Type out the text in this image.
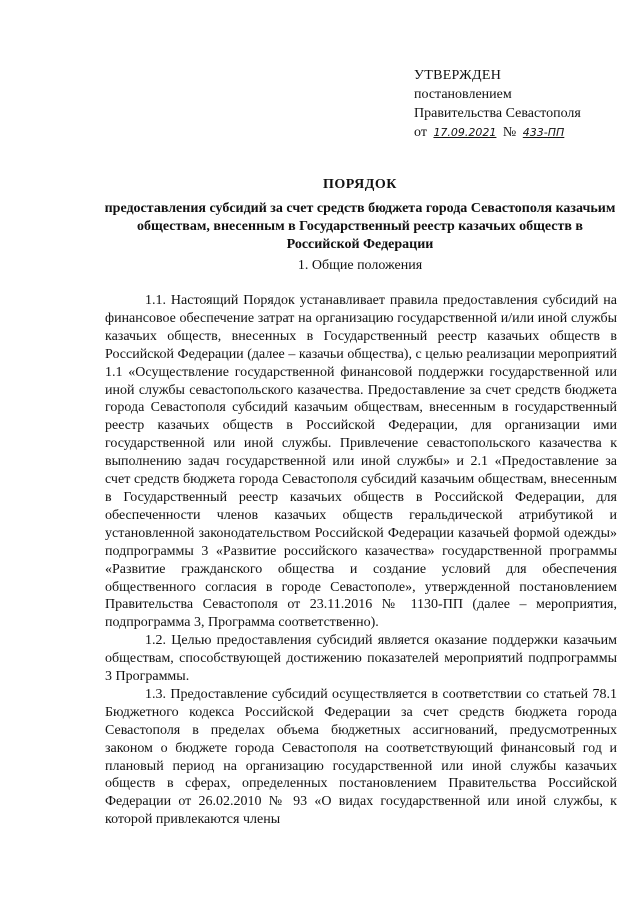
УТВЕРЖДЕН
постановлением
Правительства Севастополя
от 17.09.2021 № 433-ПП
ПОРЯДОК
предоставления субсидий за счет средств бюджета города Севастополя казачьим обществам, внесенным в Государственный реестр казачьих обществ в Российской Федерации
1. Общие положения

1.1. Настоящий Порядок устанавливает правила предоставления субсидий на финансовое обеспечение затрат на организацию государственной и/или иной службы казачьих обществ, внесенных в Государственный реестр казачьих обществ в Российской Федерации (далее – казачьи общества), с целью реализации мероприятий 1.1 «Осуществление государственной финансовой поддержки государственной или иной службы севастопольского казачества. Предоставление за счет средств бюджета города Севастополя субсидий казачьим обществам, внесенным в государственный реестр казачьих обществ в Российской Федерации, для организации ими государственной или иной службы. Привлечение севастопольского казачества к выполнению задач государственной или иной службы» и 2.1 «Предоставление за счет средств бюджета города Севастополя субсидий казачьим обществам, внесенным в Государственный реестр казачьих обществ в Российской Федерации, для обеспеченности членов казачьих обществ геральдической атрибутикой и установленной законодательством Российской Федерации казачьей формой одежды» подпрограммы 3 «Развитие российского казачества» государственной программы «Развитие гражданского общества и создание условий для обеспечения общественного согласия в городе Севастополе», утвержденной постановлением Правительства Севастополя от 23.11.2016 № 1130-ПП (далее – мероприятия, подпрограмма 3, Программа соответственно).

1.2. Целью предоставления субсидий является оказание поддержки казачьим обществам, способствующей достижению показателей мероприятий подпрограммы 3 Программы.

1.3. Предоставление субсидий осуществляется в соответствии со статьей 78.1 Бюджетного кодекса Российской Федерации за счет средств бюджета города Севастополя в пределах объема бюджетных ассигнований, предусмотренных законом о бюджете города Севастополя на соответствующий финансовый год и плановый период на организацию государственной или иной службы казачьих обществ в сферах, определенных постановлением Правительства Российской Федерации от 26.02.2010 № 93 «О видах государственной или иной службы, к которой привлекаются члены
